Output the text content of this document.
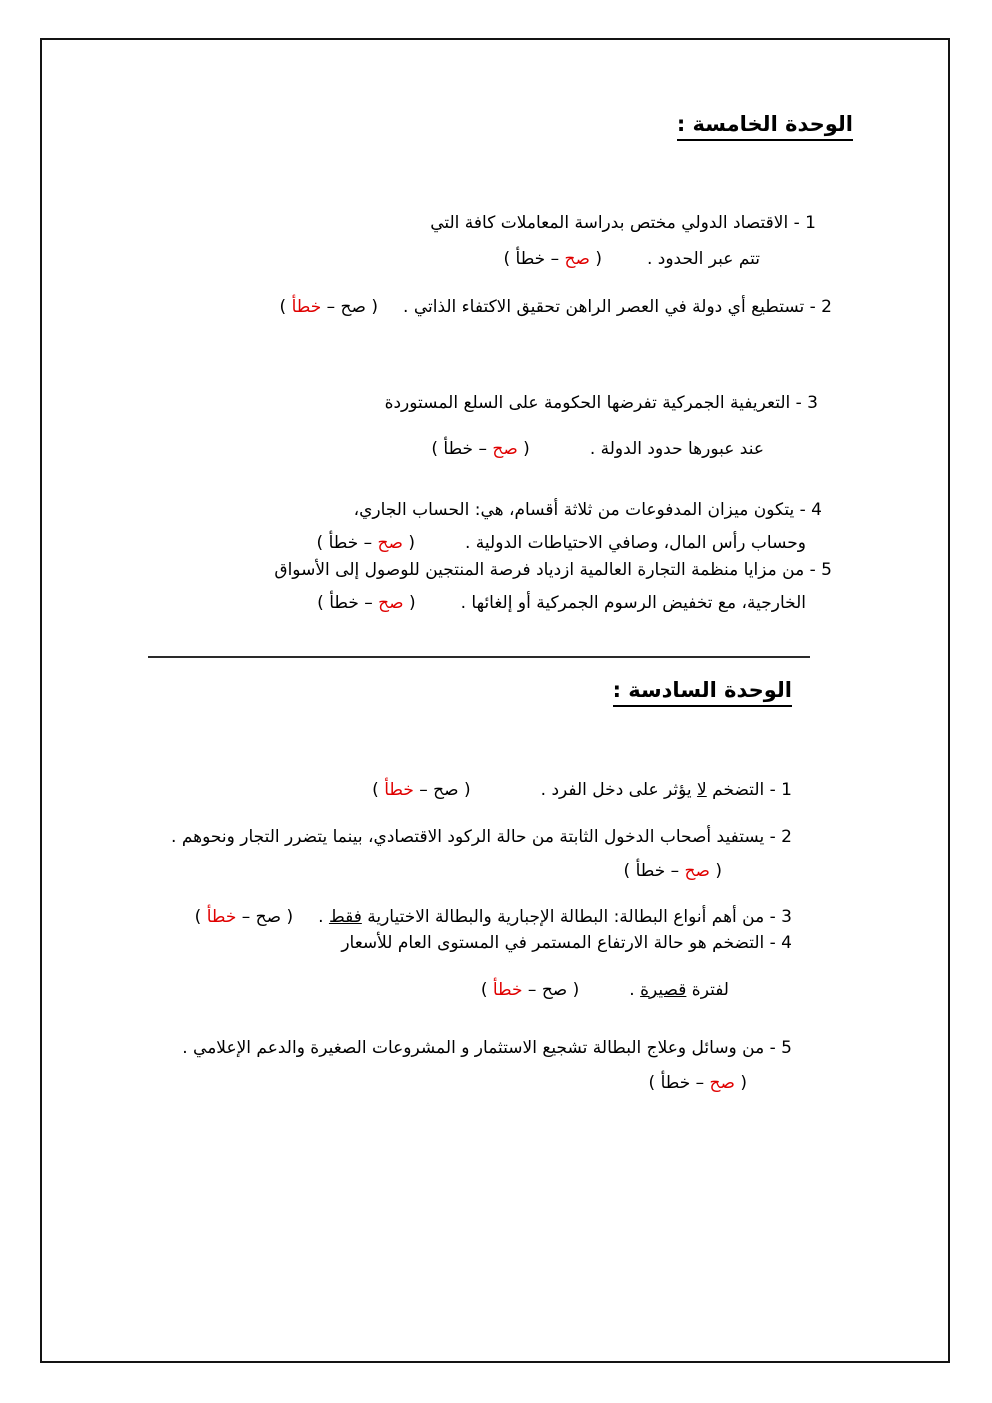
الوحدة الخامسة :
1 - الاقتصاد الدولي مختص بدراسة المعاملات كافة التي
تتم عبر الحدود .( صح – خطأ )
2 - تستطيع أي دولة في العصر الراهن تحقيق الاكتفاء الذاتي .( صح – خطأ )
3 - التعريفية الجمركية تفرضها الحكومة على السلع المستوردة
عند عبورها حدود الدولة .( صح – خطأ )
4 - يتكون ميزان المدفوعات من ثلاثة أقسام، هي: الحساب الجاري،
وحساب رأس المال، وصافي الاحتياطات الدولية .( صح – خطأ )
5 - من مزايا منظمة التجارة العالمية ازدياد فرصة المنتجين للوصول إلى الأسواق
الخارجية، مع تخفيض الرسوم الجمركية أو إلغائها .( صح – خطأ )
الوحدة السادسة :
1 - التضخم لا يؤثر على دخل الفرد .( صح – خطأ )
2 - يستفيد أصحاب الدخول الثابتة من حالة الركود الاقتصادي، بينما يتضرر التجار ونحوهم .
( صح – خطأ )
3 - من أهم أنواع البطالة: البطالة الإجبارية والبطالة الاختيارية فقط .( صح – خطأ )
4 - التضخم هو حالة الارتفاع المستمر في المستوى العام للأسعار
لفترة قصيرة .( صح – خطأ )
5 - من وسائل وعلاج البطالة تشجيع الاستثمار و المشروعات الصغيرة والدعم الإعلامي .
( صح – خطأ )
